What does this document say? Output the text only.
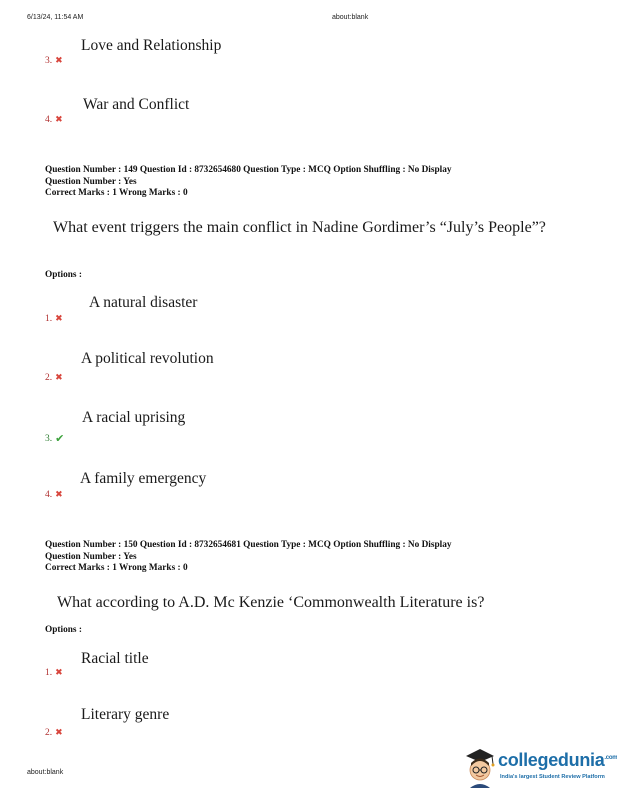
6/13/24, 11:54 AM	about:blank
Love and Relationship
3. ✖
War and Conflict
4. ✖
Question Number : 149 Question Id : 8732654680 Question Type : MCQ Option Shuffling : No Display
Question Number : Yes
Correct Marks : 1 Wrong Marks : 0
What event triggers the main conflict in Nadine Gordimer’s “July’s People”?
Options :
A natural disaster
1. ✖
A political revolution
2. ✖
A racial uprising
3. ✔
A family emergency
4. ✖
Question Number : 150 Question Id : 8732654681 Question Type : MCQ Option Shuffling : No Display
Question Number : Yes
Correct Marks : 1 Wrong Marks : 0
What according to A.D. Mc Kenzie ‘Commonwealth Literature is?
Options :
Racial title
1. ✖
Literary genre
2. ✖
about:blank
collegedunia$^{.com}$
India's largest Student Review Platform
